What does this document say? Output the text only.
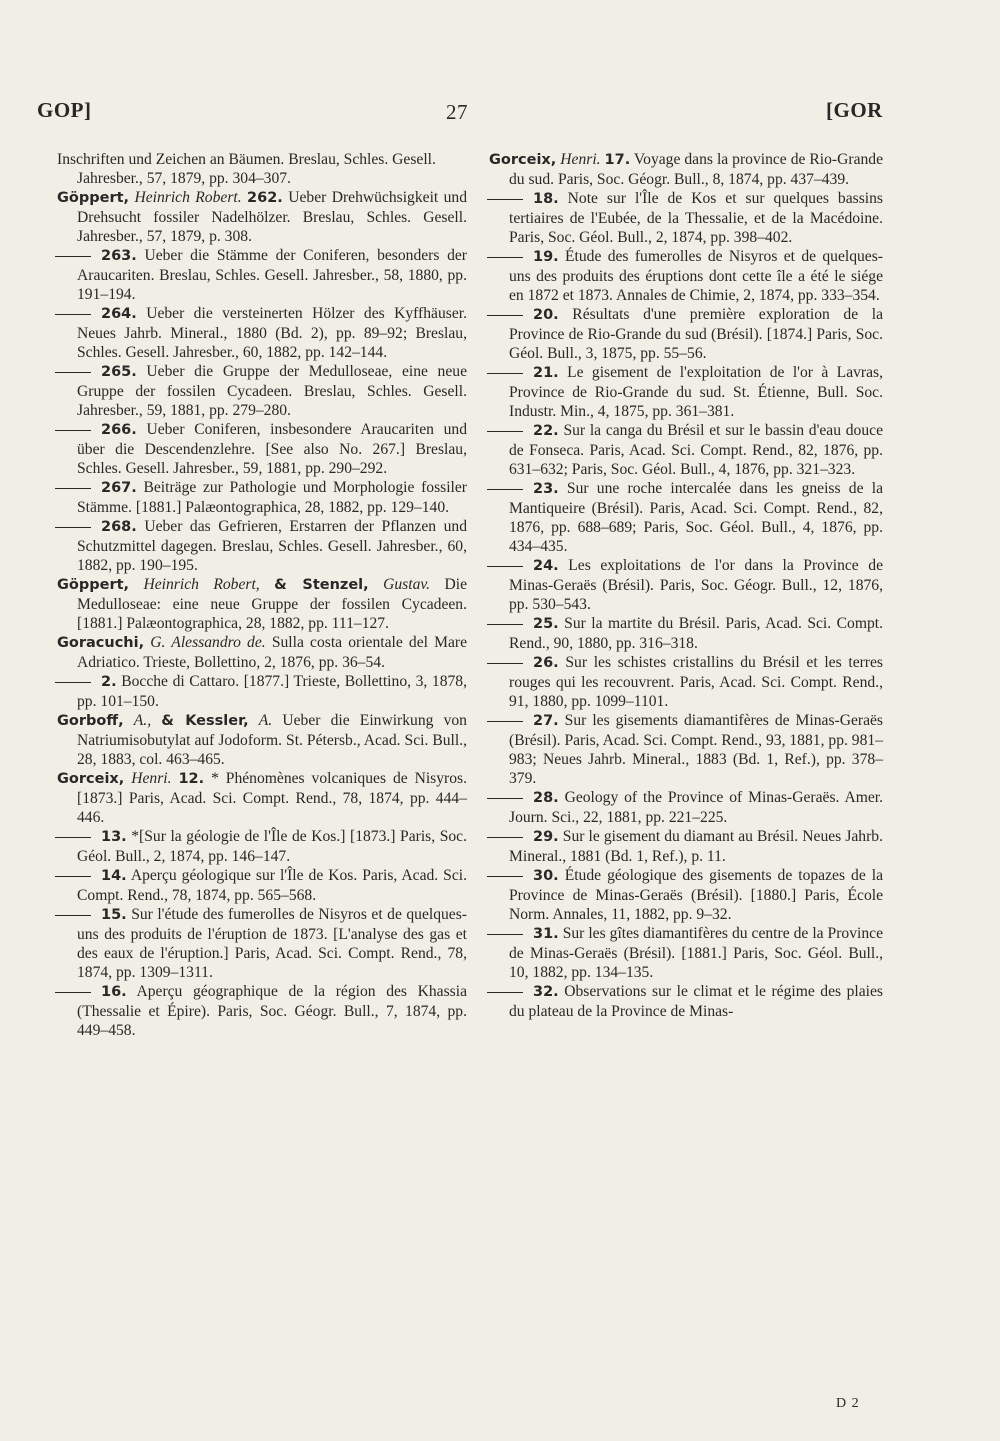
GOP]	27	[GOR

Inschriften und Zeichen an Bäumen. Breslau, Schles. Gesell. Jahresber., 57, 1879, pp. 304–307.

Göppert, Heinrich Robert. 262. Ueber Drehwüchsigkeit und Drehsucht fossiler Nadelhölzer. Breslau, Schles. Gesell. Jahresber., 57, 1879, p. 308.

263. Ueber die Stämme der Coniferen, besonders der Araucariten. Breslau, Schles. Gesell. Jahresber., 58, 1880, pp. 191–194.

264. Ueber die versteinerten Hölzer des Kyffhäuser. Neues Jahrb. Mineral., 1880 (Bd. 2), pp. 89–92; Breslau, Schles. Gesell. Jahresber., 60, 1882, pp. 142–144.

265. Ueber die Gruppe der Medulloseae, eine neue Gruppe der fossilen Cycadeen. Breslau, Schles. Gesell. Jahresber., 59, 1881, pp. 279–280.

266. Ueber Coniferen, insbesondere Araucariten und über die Descendenzlehre. [See also No. 267.] Breslau, Schles. Gesell. Jahresber., 59, 1881, pp. 290–292.

267. Beiträge zur Pathologie und Morphologie fossiler Stämme. [1881.] Palæontographica, 28, 1882, pp. 129–140.

268. Ueber das Gefrieren, Erstarren der Pflanzen und Schutzmittel dagegen. Breslau, Schles. Gesell. Jahresber., 60, 1882, pp. 190–195.

Göppert, Heinrich Robert, & Stenzel, Gustav. Die Medulloseae: eine neue Gruppe der fossilen Cycadeen. [1881.] Palæontographica, 28, 1882, pp. 111–127.

Goracuchi, G. Alessandro de. Sulla costa orientale del Mare Adriatico. Trieste, Bollettino, 2, 1876, pp. 36–54.

2. Bocche di Cattaro. [1877.] Trieste, Bollettino, 3, 1878, pp. 101–150.

Gorboff, A., & Kessler, A. Ueber die Einwirkung von Natriumisobutylat auf Jodoform. St. Pétersb., Acad. Sci. Bull., 28, 1883, col. 463–465.

Gorceix, Henri. 12. * Phénomènes volcaniques de Nisyros. [1873.] Paris, Acad. Sci. Compt. Rend., 78, 1874, pp. 444–446.

13. *[Sur la géologie de l'Île de Kos.] [1873.] Paris, Soc. Géol. Bull., 2, 1874, pp. 146–147.

14. Aperçu géologique sur l'Île de Kos. Paris, Acad. Sci. Compt. Rend., 78, 1874, pp. 565–568.

15. Sur l'étude des fumerolles de Nisyros et de quelques-uns des produits de l'éruption de 1873. [L'analyse des gas et des eaux de l'éruption.] Paris, Acad. Sci. Compt. Rend., 78, 1874, pp. 1309–1311.

16. Aperçu géographique de la région des Khassia (Thessalie et Épire). Paris, Soc. Géogr. Bull., 7, 1874, pp. 449–458.

Gorceix, Henri. 17. Voyage dans la province de Rio-Grande du sud. Paris, Soc. Géogr. Bull., 8, 1874, pp. 437–439.

18. Note sur l'Île de Kos et sur quelques bassins tertiaires de l'Eubée, de la Thessalie, et de la Macédoine. Paris, Soc. Géol. Bull., 2, 1874, pp. 398–402.

19. Étude des fumerolles de Nisyros et de quelques-uns des produits des éruptions dont cette île a été le siége en 1872 et 1873. Annales de Chimie, 2, 1874, pp. 333–354.

20. Résultats d'une première exploration de la Province de Rio-Grande du sud (Brésil). [1874.] Paris, Soc. Géol. Bull., 3, 1875, pp. 55–56.

21. Le gisement de l'exploitation de l'or à Lavras, Province de Rio-Grande du sud. St. Étienne, Bull. Soc. Industr. Min., 4, 1875, pp. 361–381.

22. Sur la canga du Brésil et sur le bassin d'eau douce de Fonseca. Paris, Acad. Sci. Compt. Rend., 82, 1876, pp. 631–632; Paris, Soc. Géol. Bull., 4, 1876, pp. 321–323.

23. Sur une roche intercalée dans les gneiss de la Mantiqueire (Brésil). Paris, Acad. Sci. Compt. Rend., 82, 1876, pp. 688–689; Paris, Soc. Géol. Bull., 4, 1876, pp. 434–435.

24. Les exploitations de l'or dans la Province de Minas-Geraës (Brésil). Paris, Soc. Géogr. Bull., 12, 1876, pp. 530–543.

25. Sur la martite du Brésil. Paris, Acad. Sci. Compt. Rend., 90, 1880, pp. 316–318.

26. Sur les schistes cristallins du Brésil et les terres rouges qui les recouvrent. Paris, Acad. Sci. Compt. Rend., 91, 1880, pp. 1099–1101.

27. Sur les gisements diamantifères de Minas-Geraës (Brésil). Paris, Acad. Sci. Compt. Rend., 93, 1881, pp. 981–983; Neues Jahrb. Mineral., 1883 (Bd. 1, Ref.), pp. 378–379.

28. Geology of the Province of Minas-Geraës. Amer. Journ. Sci., 22, 1881, pp. 221–225.

29. Sur le gisement du diamant au Brésil. Neues Jahrb. Mineral., 1881 (Bd. 1, Ref.), p. 11.

30. Étude géologique des gisements de topazes de la Province de Minas-Geraës (Brésil). [1880.] Paris, École Norm. Annales, 11, 1882, pp. 9–32.

31. Sur les gîtes diamantifères du centre de la Province de Minas-Geraës (Brésil). [1881.] Paris, Soc. Géol. Bull., 10, 1882, pp. 134–135.

32. Observations sur le climat et le régime des plaies du plateau de la Province de Minas-

D 2
